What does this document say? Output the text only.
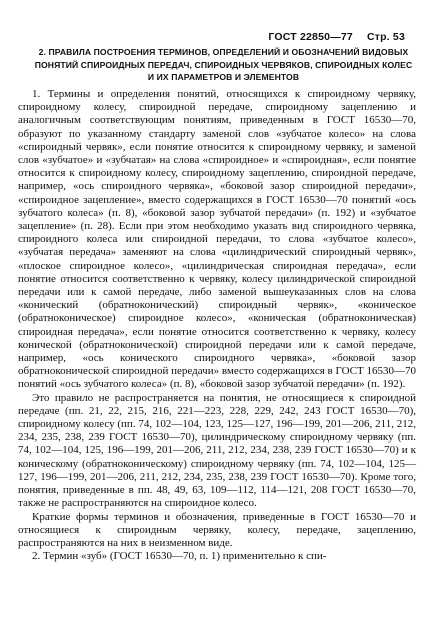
ГОСТ 22850—77 Стр. 53
2. ПРАВИЛА ПОСТРОЕНИЯ ТЕРМИНОВ, ОПРЕДЕЛЕНИЙ И ОБОЗНАЧЕНИЙ ВИДОВЫХ ПОНЯТИЙ СПИРОИДНЫХ ПЕРЕДАЧ, СПИРОИДНЫХ ЧЕРВЯКОВ, СПИРОИДНЫХ КОЛЕС И ИХ ПАРАМЕТРОВ И ЭЛЕМЕНТОВ

1. Термины и определения понятий, относящихся к спироидному червяку, спироидному колесу, спироидной передаче, спироидному зацеплению и аналогичным соответствующим понятиям, приведенным в ГОСТ 16530—70, образуют по указанному стандарту заменой слов «зубчатое колесо» на слова «спироидный червяк», если понятие относится к спироидному червяку, и заменой слов «зубчатое» и «зубчатая» на слова «спироидное» и «спироидная», если понятие относится к спироидному колесу, спироидному зацеплению, спироидной передаче, например, «ось спироидного червяка», «боковой зазор спироидной передачи», «спироидное зацепление», вместо содержащихся в ГОСТ 16530—70 понятий «ось зубчатого колеса» (п. 8), «боковой зазор зубчатой передачи» (п. 192) и «зубчатое зацепление» (п. 28). Если при этом необходимо указать вид спироидного червяка, спироидного колеса или спироидной передачи, то слова «зубчатое колесо», «зубчатая передача» заменяют на слова «цилиндрический спироидный червяк», «плоское спироидное колесо», «цилиндрическая спироидная передача», если понятие относится соответственно к червяку, колесу цилиндрической спироидной передачи или к самой передаче, либо заменой вышеуказанных слов на слова «конический (обратноконический) спироидный червяк», «коническое (обратноконическое) спироидное колесо», «коническая (обратноконическая) спироидная передача», если понятие относится соответственно к червяку, колесу конической (обратноконической) спироидной передачи или к самой передаче, например, «ось конического спироидного червяка», «боковой зазор обратноконической спироидной передачи» вместо содержащихся в ГОСТ 16530—70 понятий «ось зубчатого колеса» (п. 8), «боковой зазор зубчатой передачи» (п. 192).

Это правило не распространяется на понятия, не относящиеся к спироидной передаче (пп. 21, 22, 215, 216, 221—223, 228, 229, 242, 243 ГОСТ 16530—70), спироидному колесу (пп. 74, 102—104, 123, 125—127, 196—199, 201—206, 211, 212, 234, 235, 238, 239 ГОСТ 16530—70), цилиндрическому спироидному червяку (пп. 74, 102—104, 125, 196—199, 201—206, 211, 212, 234, 238, 239 ГОСТ 16530—70) и к коническому (обратноконическому) спироидному червяку (пп. 74, 102—104, 125—127, 196—199, 201—206, 211, 212, 234, 235, 238, 239 ГОСТ 16530—70). Кроме того, понятия, приведенные в пп. 48, 49, 63, 109—112, 114—121, 208 ГОСТ 16530—70, также не распространяются на спироидное колесо.

Краткие формы терминов и обозначения, приведенные в ГОСТ 16530—70 и относящиеся к спироидным червяку, колесу, передаче, зацеплению, распространяются на них в неизменном виде.

2. Термин «зуб» (ГОСТ 16530—70, п. 1) применительно к спи-
